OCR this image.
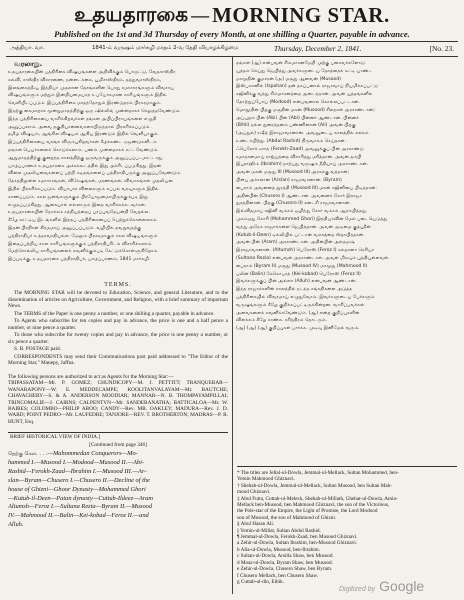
உதயதாரகை — MORNING STAR.
Published on the 1st and 3d Thursday of every Month, at one shilling a Quarter, payable in advance.
அத்தியா. வா.	1841-ம் வருஷம் மார்கழி மாதம் 2-வ தேதி வியாழக்கிழமை	Thursday, December 2, 1841.	[No. 23.
வரலாறு.
உதயதாரகையின் பத்திரிகை விஷயங்களை அறிவிக்கும் பொருட்டு, வேதசாஸ்திர
கல்வி, சாஸ்திர விசாரணை, நன்னடக்கை, பூமிசாஸ்திரம், தத்துவசாஸ்திரம்,
இலங்கைத்தீவு, இந்தியா முதலான தேசங்களின் பொது சமாசாரங்களும் விவசாய
விஷயங்களும் மற்றும் இன்றியமையாத உபயோகமான காரியங்களும் இதில்
வெளியிடப்படும். இப்பத்திரிகை மாதந்தோறும் இரண்டுதரம் பிரசுரமாகும்.
இதற்கு கைமாறாக மூன்றுமாதத்திற்கு ஒரு ஷில்லிங் முன்னதாகச் செலுத்தவேண்டும்.
இந்த பத்திரிகையை வாசிக்கிறவர்கள் தங்கள் அபிப்பிராயங்களை எழுதி
அனுப்பலாம். அவை தகுதியானவைகளாயிருந்தால் பிரசுரிக்கப்படும்.
தமிழ் விஷயம், ஆங்கில விஷயம் ஆகிய இரண்டும் இதில் வெளியாகும்.
இப்பத்திரிகையை வாங்க விரும்புகிறவர்கள் கீழ்க்கண்ட ஏஜண்டுகளிடம்
தங்கள் பெயர்களைக் கொடுக்கலாம். பணம் முன்னதாகக் கட்டவேண்டும்.
ஆறுமாதத்திற்கு குறைந்த காலத்திற்கு ஒருவருக்கும் அனுப்பப்படமாட்டாது.
யாழ்ப்பாணம் உதயதாரகை அச்சுக்கூடத்தில் இது அச்சிடப்படுகிறது. இதன்
விலை முதலியவைகளைப் பற்றி கடிதங்களைப் பத்திராதிபருக்கு அனுப்பவேண்டும்.
தேசத்திலுள்ள சமாசாரங்கள், விசேஷங்கள், மரணங்கள், விவாகங்கள் முதலியன
இதில் பிரசுரிக்கப்படும். வியாபார விலைகளும் கப்பல் வரவுகளும் இதில்
காணப்படும். சகல ஜனங்களுக்கும் பிரயோஜனமாயிருக்கும்படி இது
எழுதப்படுகிறது. ஆகையால் எல்லாரும் இதை வாசிக்கக்கடவர்கள்.
உதயதாரகையின் நோக்கம் சத்தியத்தைப் பரப்புவதேயன்றி வேறல்ல.
கீழே காட்டிய இடங்களில் இந்தப் பத்திரிகையைப் பெற்றுக்கொள்ளலாம்.
இதன் பிரதிகள் கிரமமாய் அனுப்பப்படும். வழியில் தவறுவதற்கு
பத்திராதிபர் உத்தரவாதியல்ல. மேலும் பிரசுரமாகும் சகல விஷயங்களும்
இதைப்பற்றிய சகல காரியங்களுக்கும் பத்திராதிபரிடம் விசாரிக்கலாம்.
மேற்சொல்லிய காரியங்களைக் கவனிக்கும்படி கேட்டுக்கொள்ளுகிறோம்.
இப்படிக்கு, உதயதாரகை பத்திராதிபர், யாழ்ப்பாணம், 1841 மார்கழி.
TERMS.

The MORNING STAR will be devoted to Education, Science, and general Literature, and to the dissemination of articles on Agriculture, Government, and Religion, with a brief summary of important News.

The TERMS of the Paper is one penny a number, or one shilling a quarter, payable in advance.

To Agents who subscribe for ten copies and pay in advance, the price is one and a half pence a number, or nine pence a quarter.

To those who subscribe for twenty copies and pay in advance, the price is one penny a number, or six pence a quarter.

S. B. POSTAGE paid.

CORRESPONDENTS may send their Communications post paid addressed to "The Editor of the Morning Star," Manepy, Jaffna.

The following persons are authorized to act as Agents for the Morning Star:—
TRIPASSATAM—Mr. P. GOMEZ; CHUNDICOPY—M. J. PETTITT; TRANQUEBAR—WANARAPONY—W. E. MEDDECAMPE; KOOLITANVALAYAM—Mr. BAUTCHE; CHAVACHERY—S. & A. ANDERSON MOODIAR; MANNAR—N. B. THOMPAYAMPILLAI; TRINCOMALIE—J. CAIRNS; CALPENTYN—Mr. SANDERANATHA; BATTICALOA—Mr. W. BAIRES; COLOMBO—PHILIP ABOO; CANDY—Rev. MR. OAKLEY; MADURA—Rev. J. D. WARD; POINT PEDRO—Mr. LAUFEDRE; TANJORE—REV. T. BROTHERTON; MADRAS—P. R. HUNT, Esq.
BRIEF HISTORICAL VIEW OF INDIA.]
[Continued from page 346]
தெற்கு கெள. . . .—Mahommedan Conquerors—Mo-
hammed I.—Musood I.—Modood—Musood II.—Abi-
Rashid—Ferokh-Zaad—Ibrahim I.—Musood III.—Ar-
slan—Byram—Chusero I.—Chusero II.—Decline of the
house of Ghizni—Ghoor Dynasty—Mohammed Ghori
—Kutub-il-Deen—Patan dynasty—Cuttub-Ildeez—Aram
Altumsh—Feroz I.—Sultana Rezia—Byram II.—Musood
IV.—Mahmood II.—Balin—Kei-kobad—Feroz II.—and
Alluh.
தங்கள் (ஆ) என்பவன் சிம்மாசனமேறி முற்கு பகைவர்களோடு
யுத்தம் செய்து ஜெயித்து அவர்களுடைய தேசத்தைக் கட்டி யாண்ட
மாமூதின் குமாரன் (அ) மசூது ஆனவன் (Musood)
இஸ்பகானில் (Ispahan) தன் தகப்பனால் ராஜாவாய் நியமிக்கப்பட்டு
கஜினிக்கு வந்து சிம்மாசனத்தை அடைந்தான். அவன் யுத்தங்களில்
தோற்றுப்போய் (Modood) என்பவனால் கொல்லப்பட்டான்.
மொதூதின் பிறகு மசூதின் மகன் (Musood) சிலநாள் அரசாண்டான்;
அப்புறம் பின் (Abi) பின் (Abi) பின்னர் ஆண்டான். பின்னர்
(Bihli) நல்ல துரைத்தனம் பண்ணினான் (Ali) அவன் பிறகு
(அப்துல்) ரஷீத் இராஜாவானான். அவனுடைய காலத்தில் கலகம்
உண்டாயிற்று. (Abdul Rashid) நிருவாகம் செய்தான்.
ஃபெரோக் ஸாத் (Ferokh-Zaad) அவனுக்குப் பின் அரசாண்டு
சமாதானமாய் ராஜ்யத்தை விசாரித்து மரித்தான். அவன் தம்பி
இபுராஹிம் (Ibrahim) நாற்பது வருஷம் நீதியாய் அரசாண்டான்.
அவன் மகன் மசூது III (Musood III) அரசுக்கு வந்தான்;
பின்பு அர்சலான் (Arslan) ராஜாவானான். (Byram)
பைராம் அவனைத் துரத்தி (Musood III) மகன் கஜினியை பிடித்தான்.
அதின்பின் (Chusero I) ஆண்டான். அவனைக் கோர் இராஜா
துரத்தினான். பிறகு (Chusero II) கடைசி ராஜாவானான்.
இவ்விதமாய் கஜினி வம்சம் ஒழிந்து கோர் வம்சம் ஆரம்பித்தது.
முகம்மது கோரி (Mohammed Ghori) இந்தியாவின் மேல் படையெடுத்து
வந்து அநேக ராஜாக்களை ஜெயித்தான். அவன் அடிமை குத்புதீன்
(Kutub-il-Deen) டில்லியில் பட்டான் வம்சத்தை ஸ்தாபித்தான்.
அவன் பின் (Aram) அரசாண்டான். அதின்பின் அல்தமஷ்
இராஜாவானான். (Altumsh) பெரோஸ் (Feroz I) சுல்தானா ரெசியா
(Sultana Rezia) என்பவள் அரசாண்டாள். அவள் மிகவும் புத்தியுள்ளவள்.
பைராம் (Byram II) மசூது (Musood IV) மாமூது (Mahmood II)
பலின் (Balin) கேகொபாத் (Kei-kobad) பெரோஸ் (Feroz II)
இவர்களுக்குப் பின் அல்லா (Alluh) என்பவன் ஆண்டான்.
இந்த ராஜாக்களின் காலத்தில் நடந்த சங்கதிகளை அடுத்த
பத்திரிகையில் விவரமாய் எழுதுவோம். இவர்களுடைய பேர்களும்
வருஷங்களும் கீழே குறிக்கப்பட்டிருக்கின்றன. வாசிப்பவர்கள்
அவைகளைக் கவனிக்கவேண்டும். (ஆ) என்ற குறிப்புகளின்
விளக்கம் கீழே காண்க. சரித்திரம் தொடரும்.
(ஆ) (ஆ) (ஆ) குறிப்புகள் பார்க்க. முடிவு இனிமேல் வரும்.
* The titles are Jellal-ul-Dowla, Jemmal-ul-Mellack, Sultan Mohammed, ben-
Yemin Mahmood Ghiznavi.
† Shehab-ul-Dowla, Jemmal-ul-Mellack, Sultan Musood, ben Sultan Mah-
mood Ghiznavi.
‡ Abul Futta, Cuttab-ul-Meleck, Shehab-ul-Millath, Ghebat-ul-Dowla, Amin-
Mellack ben-Musood, ben Mahmood Ghiznavi, the son of the Victorious,
the Pole-star of the Empire, the Light of Promise, the Lord Modood
son of Musood, the son of Mahmood of Ghizni.
§ Abul Hasan Ali.
|| Yemin-ul-Millat, Sultan Abdul Rashid.
¶ Jemmal-ul-Dowla, Ferokh-Zaad, ben Musood Ghiznavi.
a Zehir-ul-Dowla, Sultan Ibrahim, ben-Musood Ghiznavi.
b Alla-ul-Dowla, Musood, ben-Ibrahim.
c Sultan-ul-Dowla, Arsilla Shaw, ben Musood.
d Moaz-ul-Dowla, Byram Shaw, ben Musood.
e Zehir-ul-Dowla, Chusero Shaw, ben Byram.
f Chusero Mellack, ben Chusero Shaw.
g Cuttab-ul-din, Eibik.
Digitized by Google
